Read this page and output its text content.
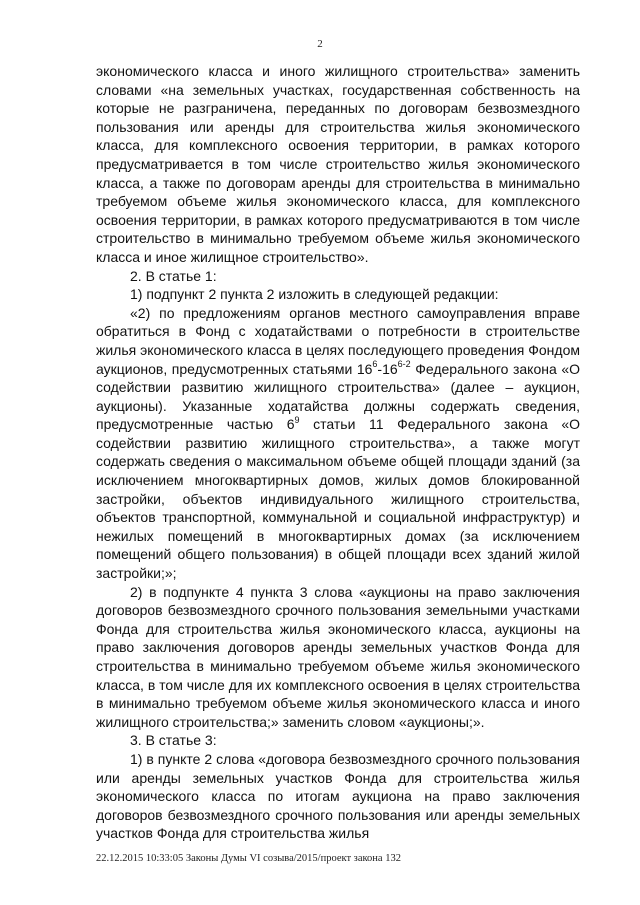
2

экономического класса и иного жилищного строительства» заменить словами «на земельных участках, государственная собственность на которые не разграничена, переданных по договорам безвозмездного пользования или аренды для строительства жилья экономического класса, для комплексного освоения территории, в рамках которого предусматривается в том числе строительство жилья экономического класса, а также по договорам аренды для строительства в минимально требуемом объеме жилья экономического класса, для комплексного освоения территории, в рамках которого предусматриваются в том числе строительство в минимально требуемом объеме жилья экономического класса и иное жилищное строительство».

2. В статье 1:

1) подпункт 2 пункта 2 изложить в следующей редакции:

«2) по предложениям органов местного самоуправления вправе обратиться в Фонд с ходатайствами о потребности в строительстве жилья экономического класса в целях последующего проведения Фондом аукционов, предусмотренных статьями $16^6-16^{6-2}$ Федерального закона «О содействии развитию жилищного строительства» (далее – аукцион, аукционы). Указанные ходатайства должны содержать сведения, предусмотренные частью $6^9$ статьи 11 Федерального закона «О содействии развитию жилищного строительства», а также могут содержать сведения о максимальном объеме общей площади зданий (за исключением многоквартирных домов, жилых домов блокированной застройки, объектов индивидуального жилищного строительства, объектов транспортной, коммунальной и социальной инфраструктур) и нежилых помещений в многоквартирных домах (за исключением помещений общего пользования) в общей площади всех зданий жилой застройки;»;

2) в подпункте 4 пункта 3 слова «аукционы на право заключения договоров безвозмездного срочного пользования земельными участками Фонда для строительства жилья экономического класса, аукционы на право заключения договоров аренды земельных участков Фонда для строительства в минимально требуемом объеме жилья экономического класса, в том числе для их комплексного освоения в целях строительства в минимально требуемом объеме жилья экономического класса и иного жилищного строительства;» заменить словом «аукционы;».

3. В статье 3:

1) в пункте 2 слова «договора безвозмездного срочного пользования или аренды земельных участков Фонда для строительства жилья экономического класса по итогам аукциона на право заключения договоров безвозмездного срочного пользования или аренды земельных участков Фонда для строительства жилья

22.12.2015 10:33:05 Законы Думы VI созыва/2015/проект закона 132
